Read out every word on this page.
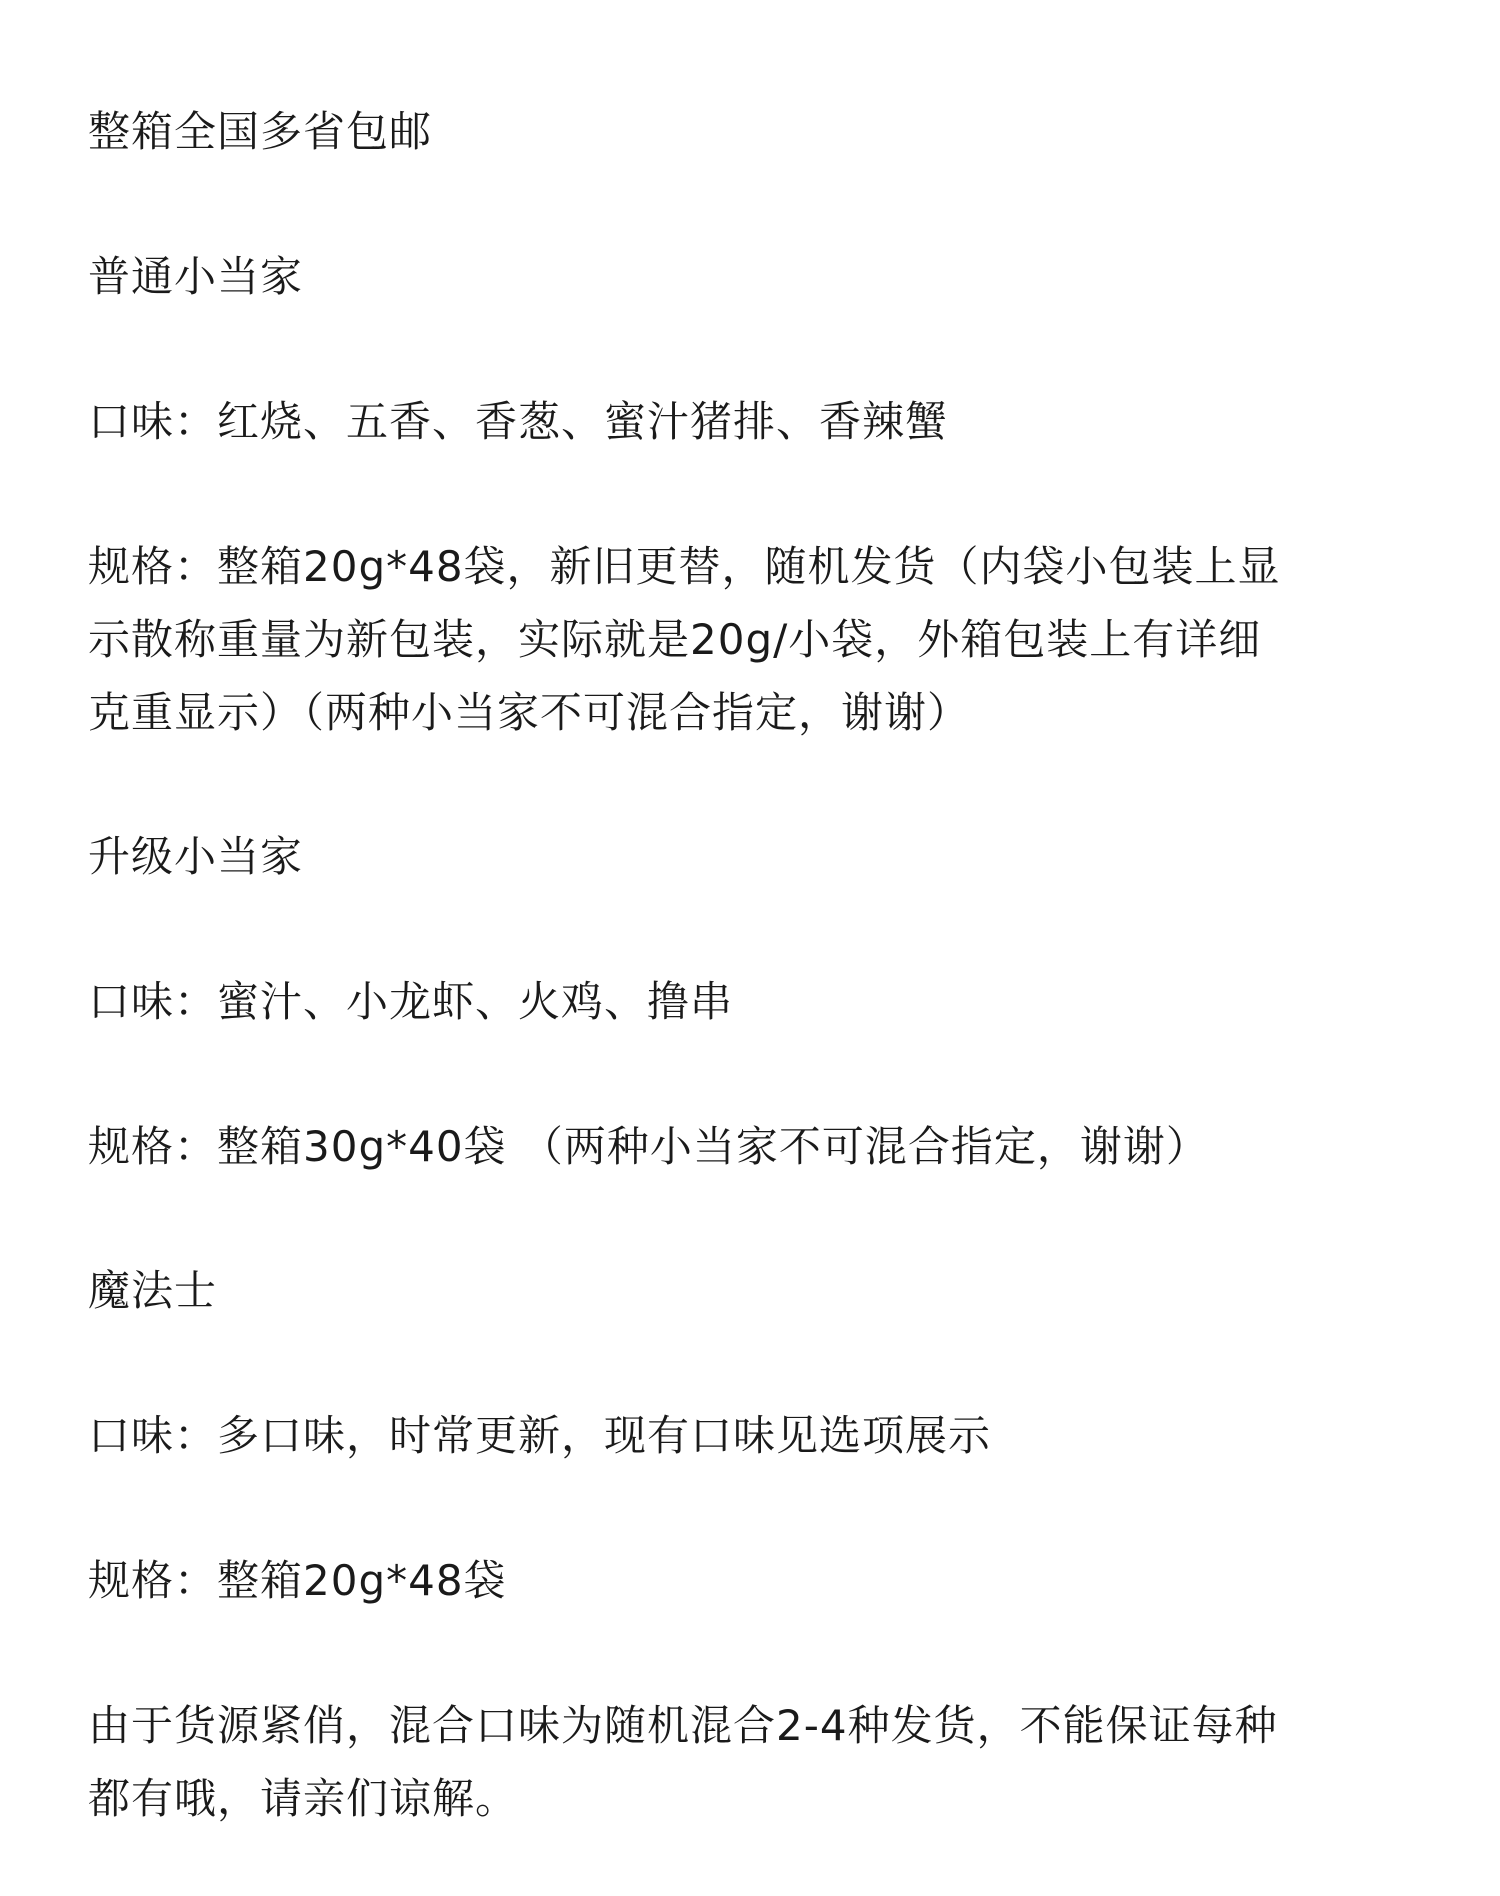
整箱全国多省包邮
普通小当家
口味：红烧、五香、香葱、蜜汁猪排、香辣蟹
规格：整箱20g*48袋，新旧更替，随机发货（内袋小包装上显
示散称重量为新包装，实际就是20g/小袋，外箱包装上有详细
克重显示）（两种小当家不可混合指定，谢谢）
升级小当家
口味：蜜汁、小龙虾、火鸡、撸串
规格：整箱30g*40袋 （两种小当家不可混合指定，谢谢）
魔法士
口味：多口味，时常更新，现有口味见选项展示
规格：整箱20g*48袋
由于货源紧俏，混合口味为随机混合2-4种发货，不能保证每种
都有哦，请亲们谅解。
